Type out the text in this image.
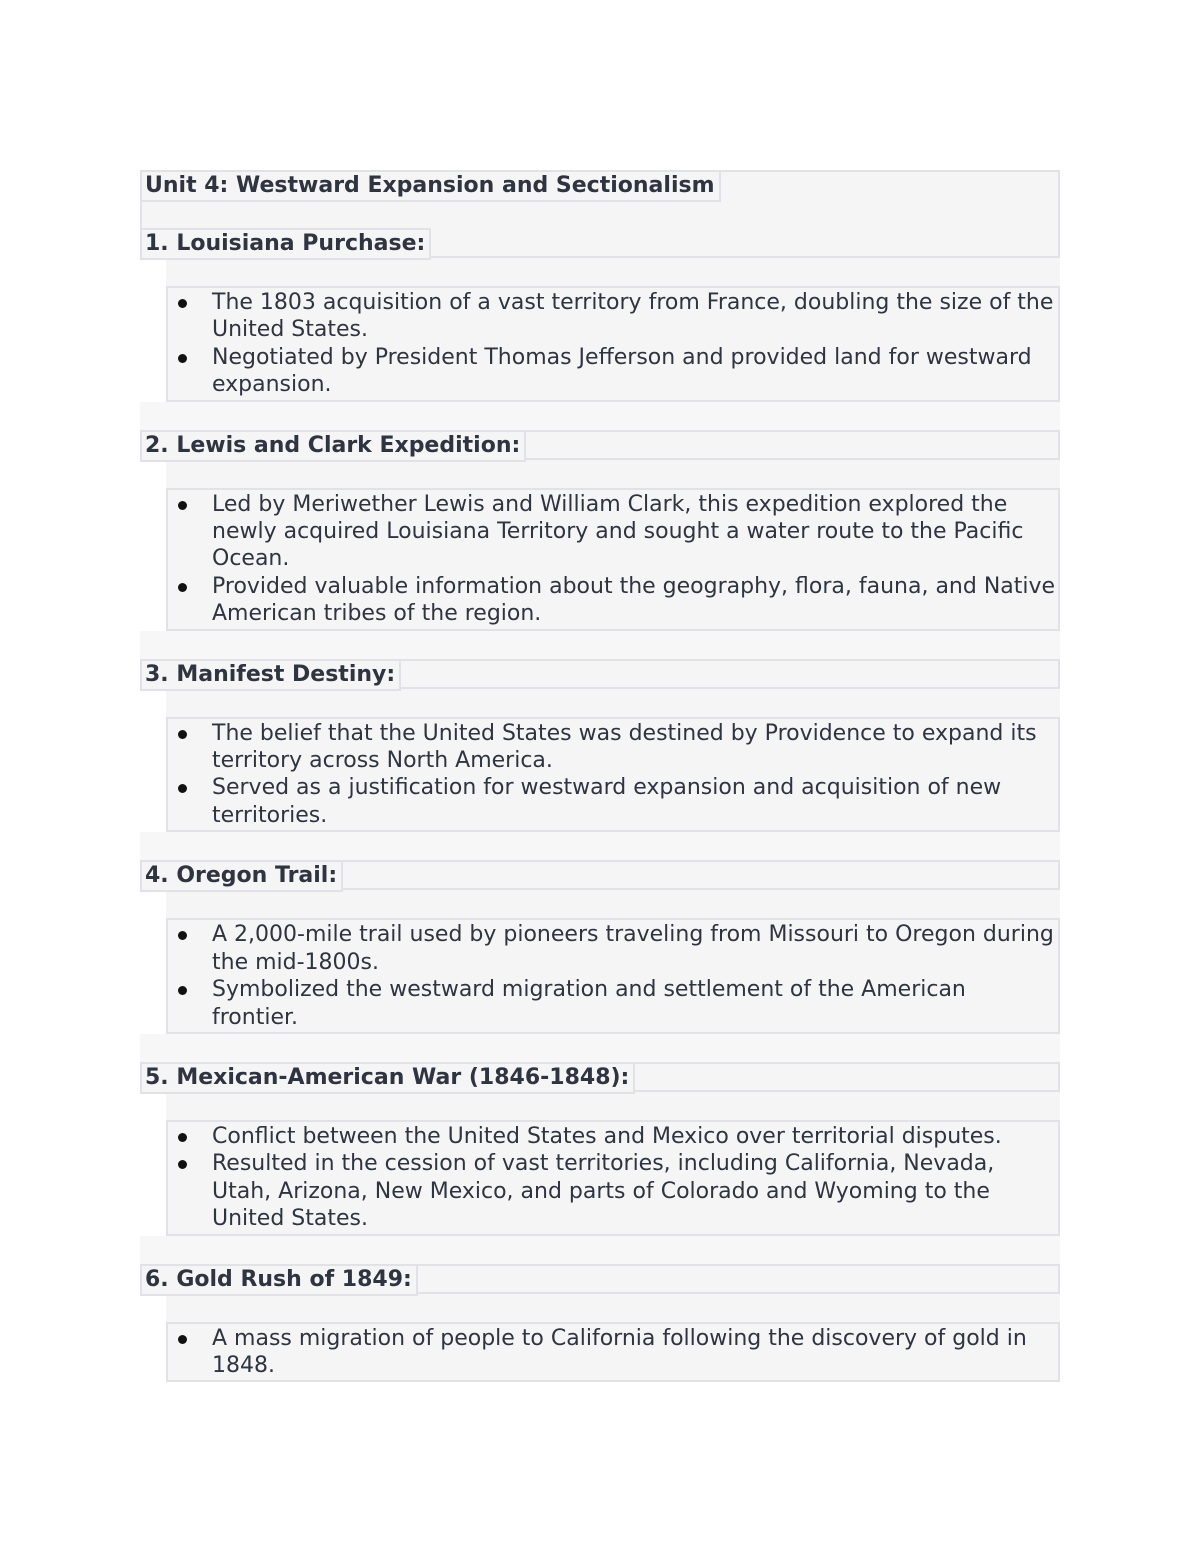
Unit 4: Westward Expansion and Sectionalism
1. Louisiana Purchase:
The 1803 acquisition of a vast territory from France, doubling the size of the United States.
Negotiated by President Thomas Jefferson and provided land for westward expansion.
2. Lewis and Clark Expedition:
Led by Meriwether Lewis and William Clark, this expedition explored the newly acquired Louisiana Territory and sought a water route to the Pacific Ocean.
Provided valuable information about the geography, flora, fauna, and Native American tribes of the region.
3. Manifest Destiny:
The belief that the United States was destined by Providence to expand its territory across North America.
Served as a justification for westward expansion and acquisition of new territories.
4. Oregon Trail:
A 2,000-mile trail used by pioneers traveling from Missouri to Oregon during the mid-1800s.
Symbolized the westward migration and settlement of the American frontier.
5. Mexican-American War (1846-1848):
Conflict between the United States and Mexico over territorial disputes.
Resulted in the cession of vast territories, including California, Nevada, Utah, Arizona, New Mexico, and parts of Colorado and Wyoming to the United States.
6. Gold Rush of 1849:
A mass migration of people to California following the discovery of gold in 1848.
